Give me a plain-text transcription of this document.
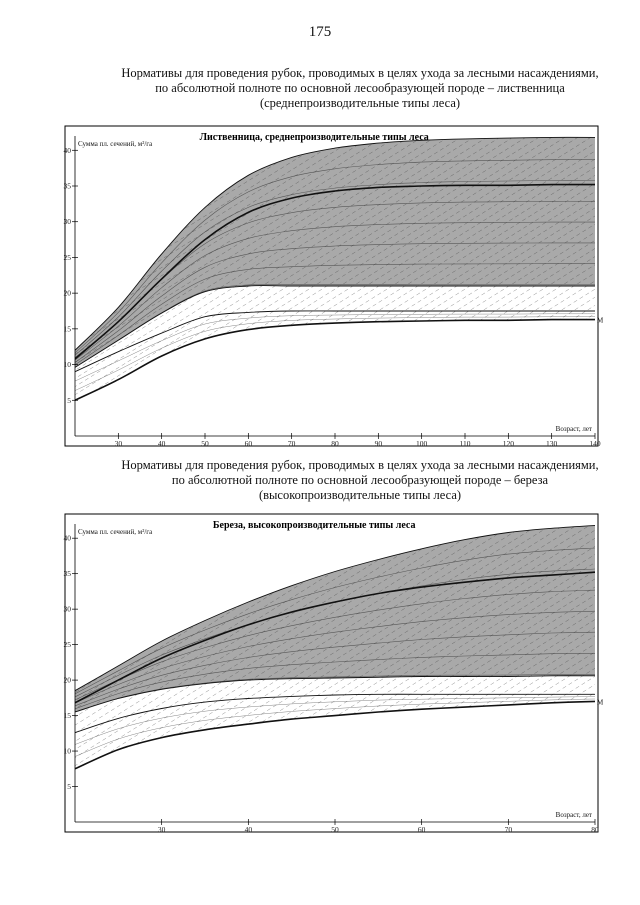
175
Нормативы для проведения рубок, проводимых в целях ухода за лесными насаждениями,
по абсолютной полноте по основной лесообразующей породе – лиственница
(среднепроизводительные типы леса)
5
10
15
20
25
30
35
40
30	40	50	60	70	80	90	100	110	120	130	140
Сумма пл. сечений, м²/га
Возраст, лет
Лиственница, среднепроизводительные типы леса
M
Нормативы для проведения рубок, проводимых в целях ухода за лесными насаждениями,
по абсолютной полноте по основной лесообразующей породе – береза
(высокопроизводительные типы леса)
5
10
15
20
25
30
35
40
30	40	50	60	70	80
Сумма пл. сечений, м²/га
Возраст, лет
Береза, высокопроизводительные типы леса
M
